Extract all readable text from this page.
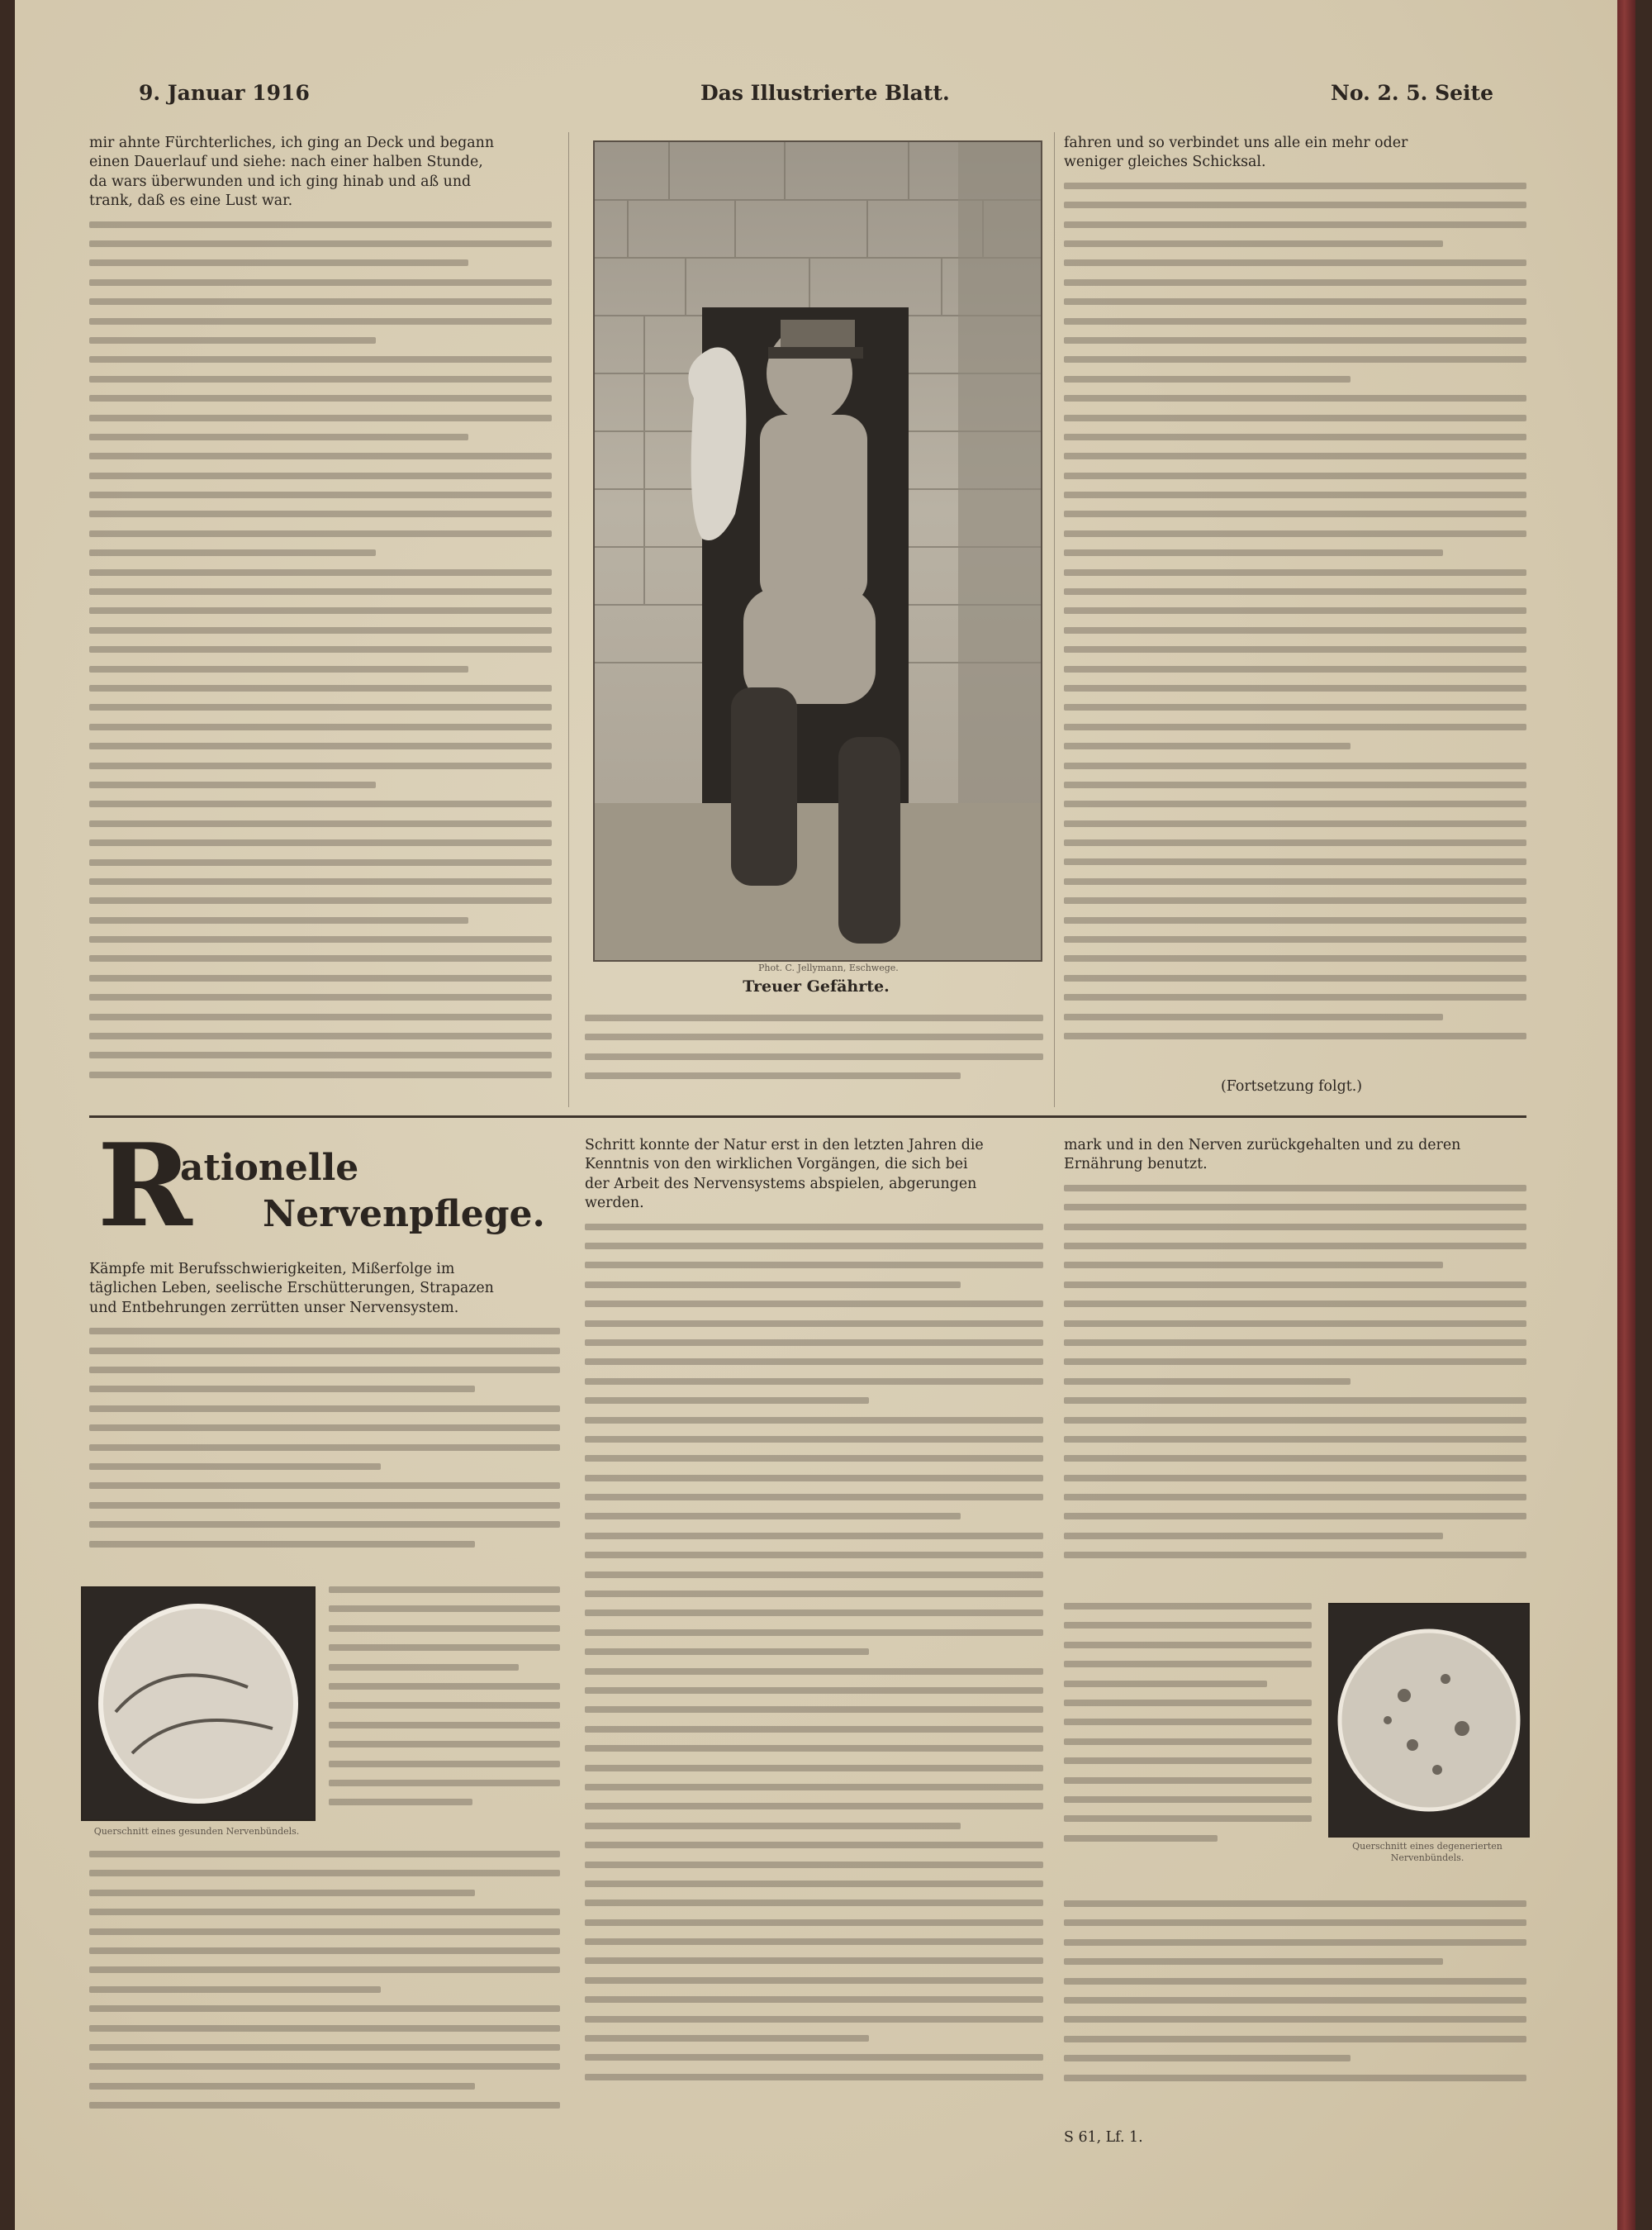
9. Januar 1916	Das Illustrierte Blatt.	No. 2. 5. Seite
mir ahnte Fürchterliches, ich ging an Deck und begann
einen Dauerlauf und siehe: nach einer halben Stunde,
da wars überwunden und ich ging hinab und aß und
trank, daß es eine Lust war.
Phot. C. Jellymann, Eschwege.
Treuer Gefährte.
fahren und so verbindet uns alle ein mehr oder
weniger gleiches Schicksal.
(Fortsetzung folgt.)
R
ationelle
Nervenpflege.
Kämpfe mit Berufsschwierigkeiten, Mißerfolge im
täglichen Leben, seelische Erschütterungen, Strapazen
und Entbehrungen zerrütten unser Nervensystem.
Querschnitt eines gesunden Nervenbündels.
Schritt konnte der Natur erst in den letzten Jahren die
Kenntnis von den wirklichen Vorgängen, die sich bei
der Arbeit des Nervensystems abspielen, abgerungen
werden.
mark und in den Nerven zurückgehalten und zu deren
Ernährung benutzt.
Querschnitt eines degenerierten Nervenbündels.
S 61, Lf. 1.
